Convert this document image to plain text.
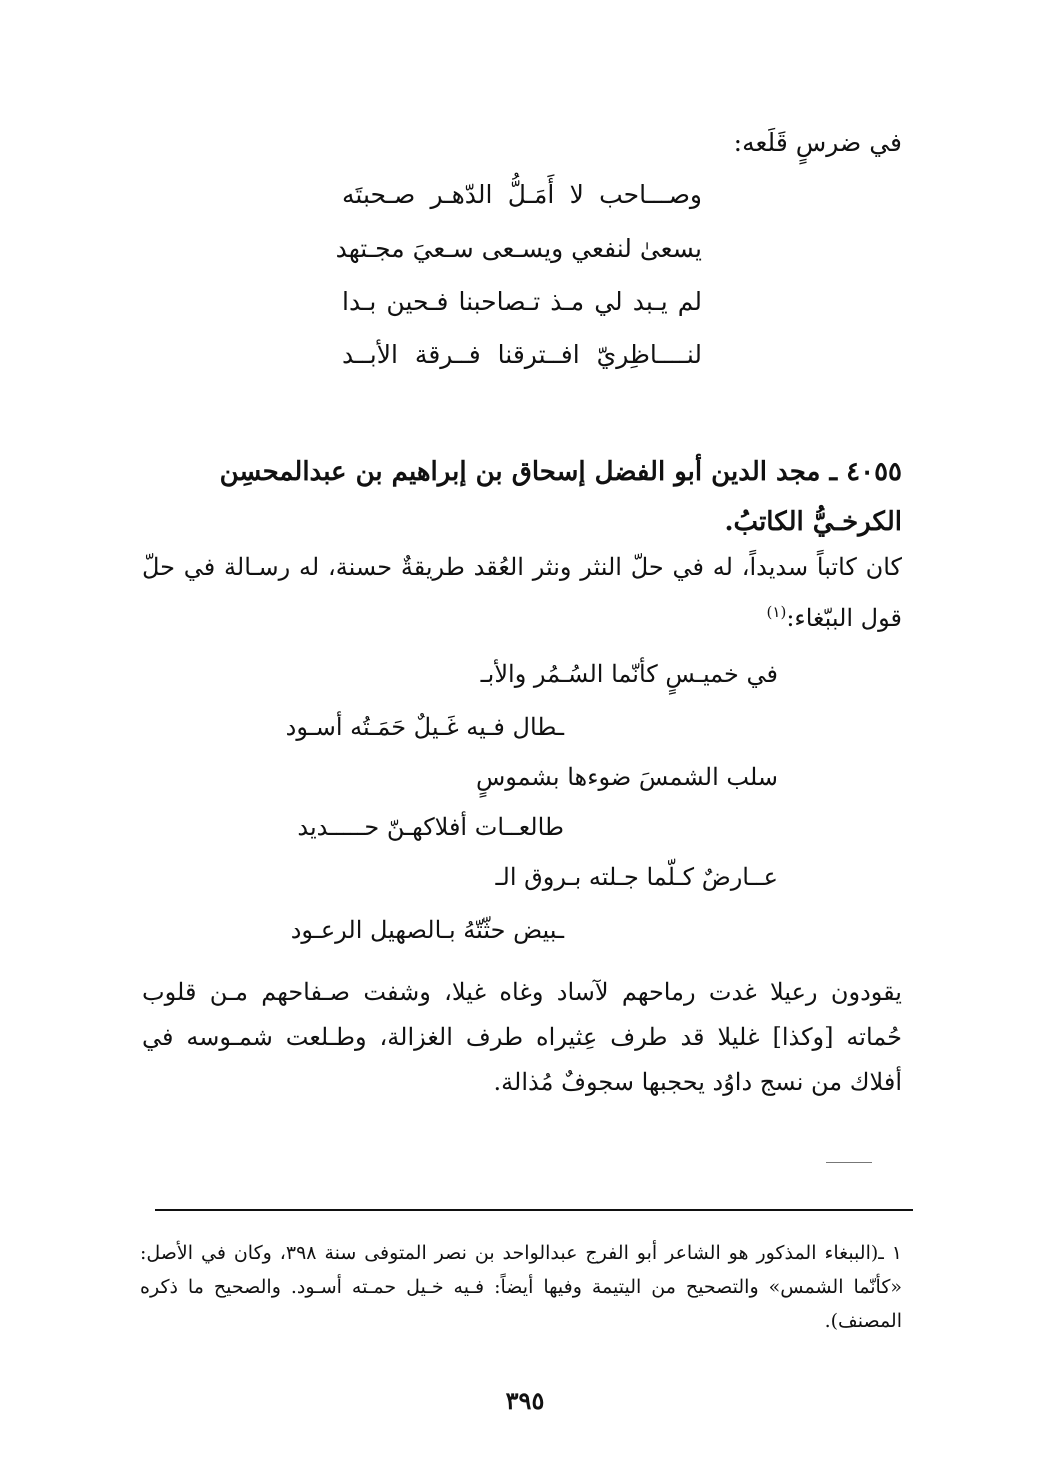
في ضرسٍ قَلَعه:
وصـــاحب لا أَمَـلُّ الدّهـر صـحبتَه
يسعىٰ لنفعي ويسـعى سـعيَ مجـتهد
لم يـبد لي مـذ تـصاحبنا فـحين بـدا
لنــــاظِريّ افــترقنا فــرقة الأبــد
٤٠٥٥ ـ مجد الدين أبو الفضل إسحاق بن إبراهيم بن عبدالمحسِن الكرخـيُّ الكاتبُ.
كان كاتباً سديداً، له في حلّ النثر ونثر العُقد طريقةٌ حسنة، له رسـالة في حلّ قول الببّغاء:$^{(١)}$
في خميـسٍ كأنّما السُـمُر والأبـ
ـطال فـيه غَـيلٌ حَمَـتُه أسـود
سلب الشمسَ ضوءها بشموسٍ
طالعــات أفلاكهـنّ حـــــديد
عــارضٌ كـلّما جـلته بـروق الـ
ـبيض حثّتّهُ بـالصهيل الرعـود
يقودون رعيلا غدت رماحهم لآساد وغاه غيلا، وشفت صـفاحهم مـن قلوب حُماته [وكذا] غليلا قد طرف عِثيراه طرف الغزالة، وطـلعت شمـوسه في أفلاك من نسج داوُد يحجبها سجوفٌ مُذالة.
١ ـ(الببغاء المذكور هو الشاعر أبو الفرج عبدالواحد بن نصر المتوفى سنة ٣٩٨، وكان في الأصل: «كأنّما الشمس» والتصحيح من اليتيمة وفيها أيضاً: فـيه خـيل حمـته أسـود. والصحيح ما ذكره المصنف).
٣٩٥
